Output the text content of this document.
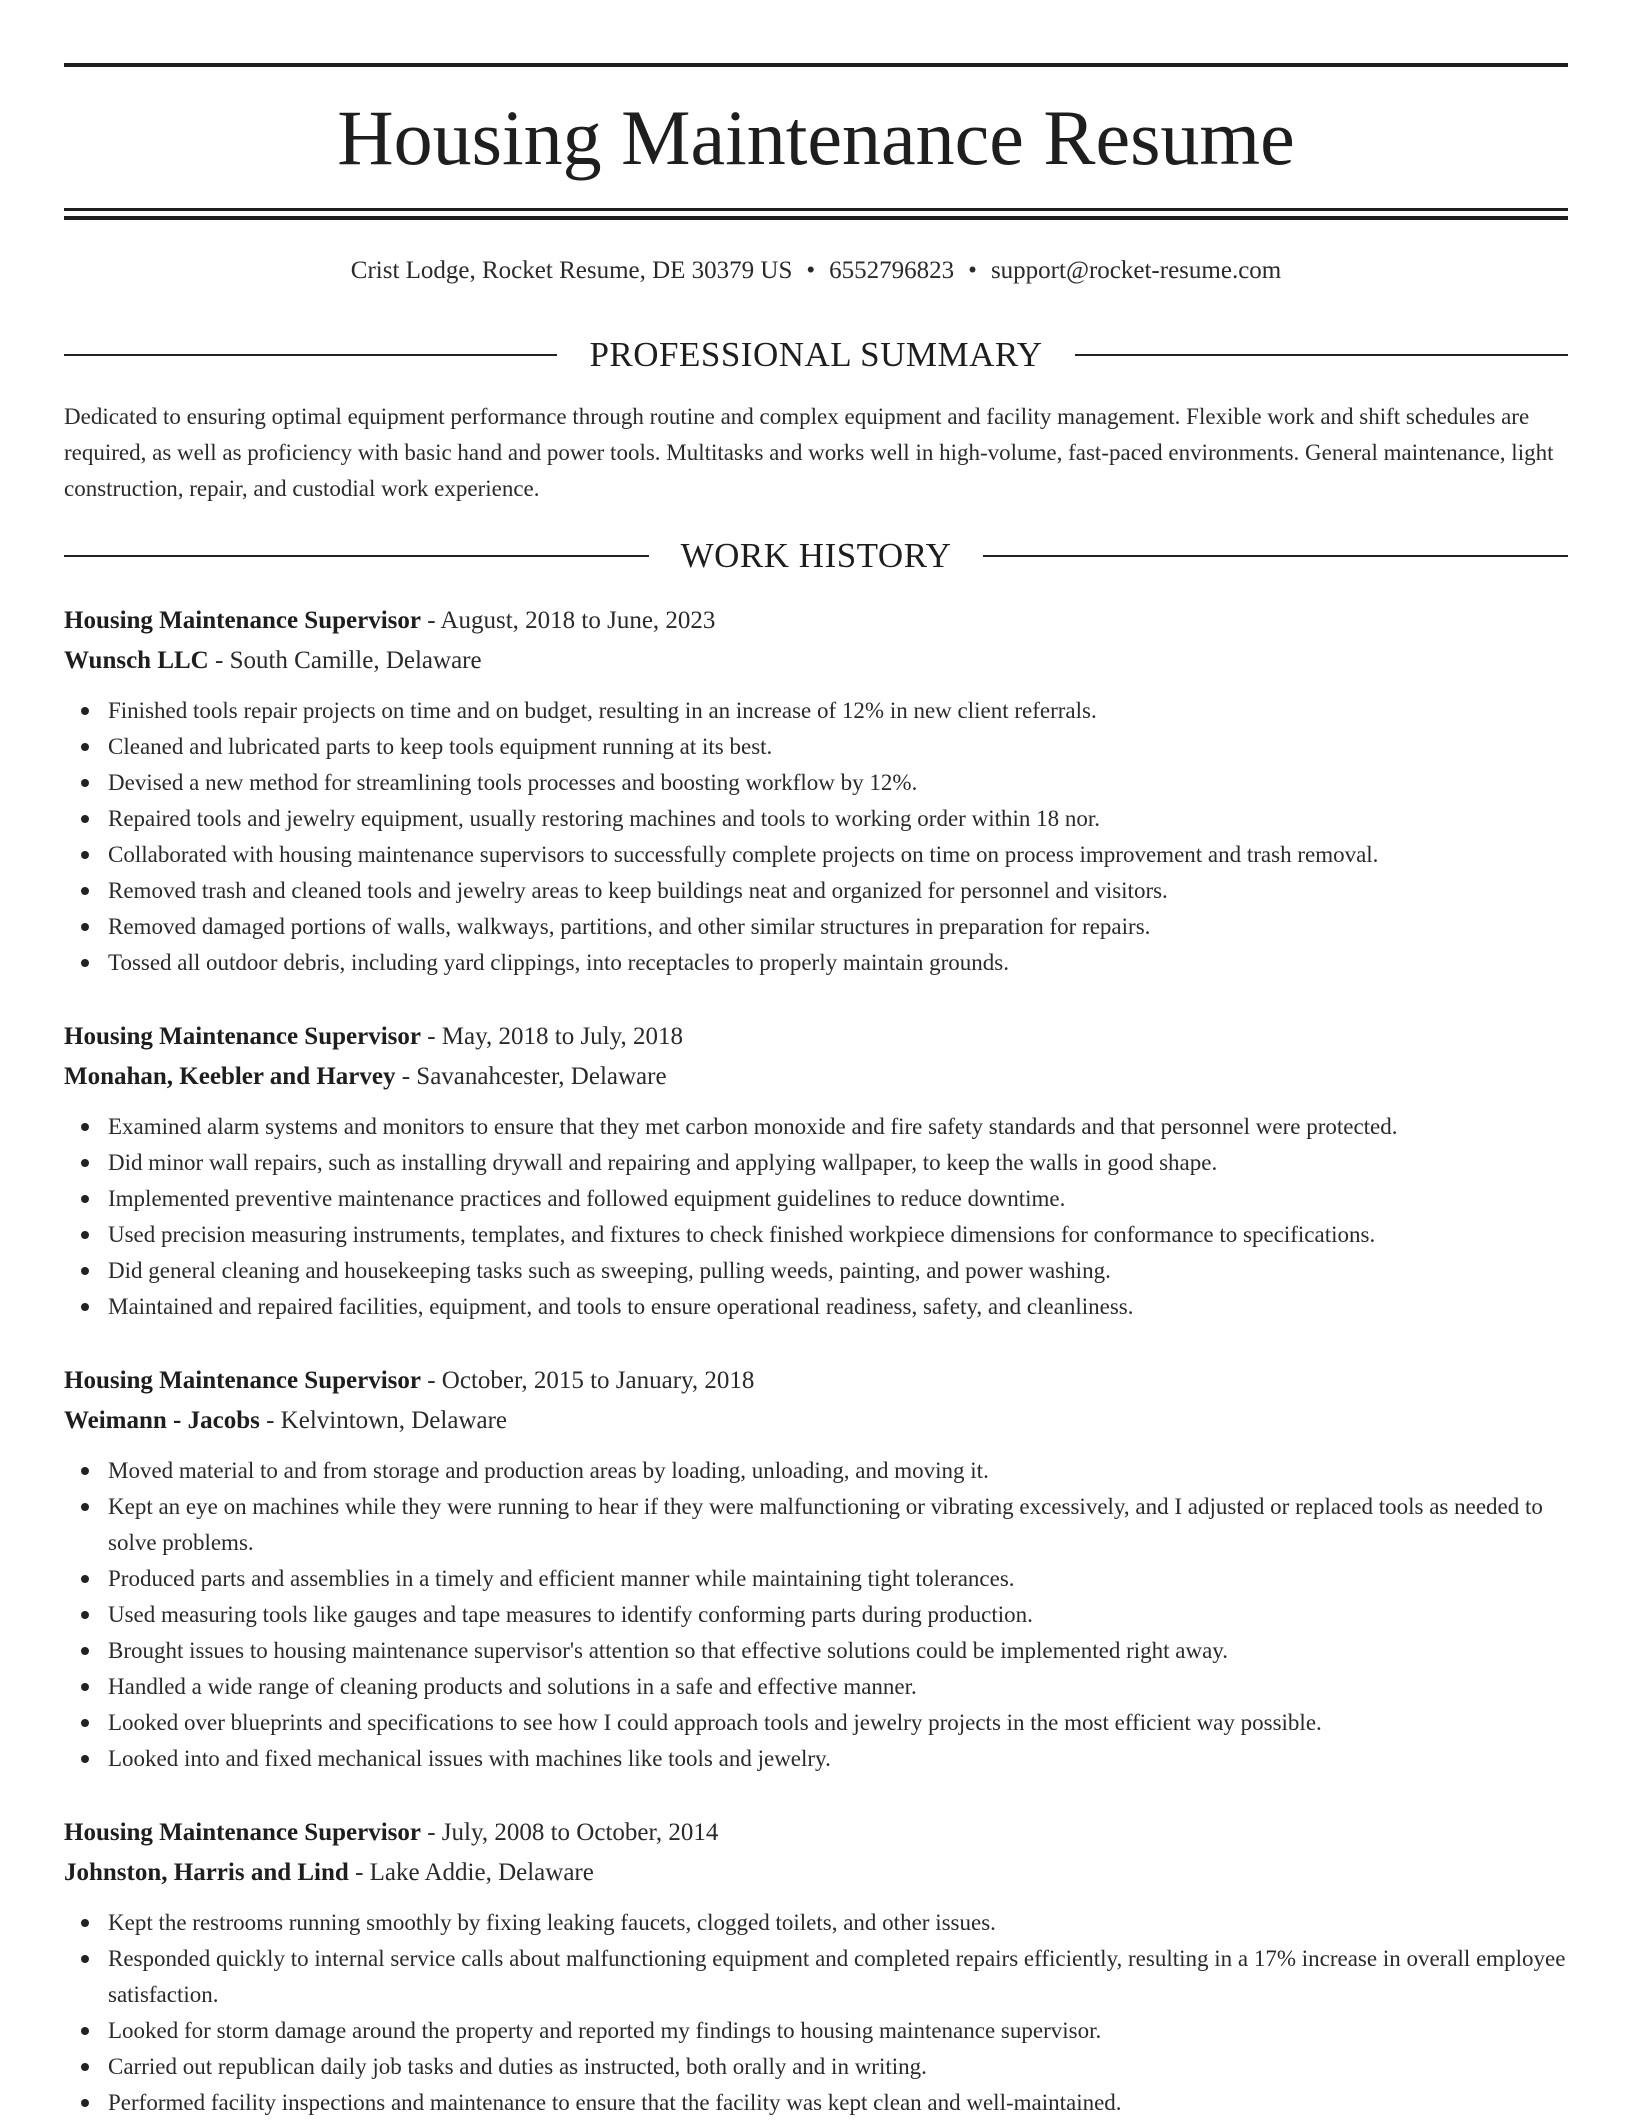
Housing Maintenance Resume
Crist Lodge, Rocket Resume, DE 30379 US • 6552796823 • support@rocket-resume.com
PROFESSIONAL SUMMARY

Dedicated to ensuring optimal equipment performance through routine and complex equipment and facility management. Flexible work and shift schedules are required, as well as proficiency with basic hand and power tools. Multitasks and works well in high-volume, fast-paced environments. General maintenance, light construction, repair, and custodial work experience.

WORK HISTORY
Housing Maintenance Supervisor - August, 2018 to June, 2023
Wunsch LLC - South Camille, Delaware
Finished tools repair projects on time and on budget, resulting in an increase of 12% in new client referrals.
Cleaned and lubricated parts to keep tools equipment running at its best.
Devised a new method for streamlining tools processes and boosting workflow by 12%.
Repaired tools and jewelry equipment, usually restoring machines and tools to working order within 18 nor.
Collaborated with housing maintenance supervisors to successfully complete projects on time on process improvement and trash removal.
Removed trash and cleaned tools and jewelry areas to keep buildings neat and organized for personnel and visitors.
Removed damaged portions of walls, walkways, partitions, and other similar structures in preparation for repairs.
Tossed all outdoor debris, including yard clippings, into receptacles to properly maintain grounds.
Housing Maintenance Supervisor - May, 2018 to July, 2018
Monahan, Keebler and Harvey - Savanahcester, Delaware
Examined alarm systems and monitors to ensure that they met carbon monoxide and fire safety standards and that personnel were protected.
Did minor wall repairs, such as installing drywall and repairing and applying wallpaper, to keep the walls in good shape.
Implemented preventive maintenance practices and followed equipment guidelines to reduce downtime.
Used precision measuring instruments, templates, and fixtures to check finished workpiece dimensions for conformance to specifications.
Did general cleaning and housekeeping tasks such as sweeping, pulling weeds, painting, and power washing.
Maintained and repaired facilities, equipment, and tools to ensure operational readiness, safety, and cleanliness.
Housing Maintenance Supervisor - October, 2015 to January, 2018
Weimann - Jacobs - Kelvintown, Delaware
Moved material to and from storage and production areas by loading, unloading, and moving it.
Kept an eye on machines while they were running to hear if they were malfunctioning or vibrating excessively, and I adjusted or replaced tools as needed to solve problems.
Produced parts and assemblies in a timely and efficient manner while maintaining tight tolerances.
Used measuring tools like gauges and tape measures to identify conforming parts during production.
Brought issues to housing maintenance supervisor's attention so that effective solutions could be implemented right away.
Handled a wide range of cleaning products and solutions in a safe and effective manner.
Looked over blueprints and specifications to see how I could approach tools and jewelry projects in the most efficient way possible.
Looked into and fixed mechanical issues with machines like tools and jewelry.
Housing Maintenance Supervisor - July, 2008 to October, 2014
Johnston, Harris and Lind - Lake Addie, Delaware
Kept the restrooms running smoothly by fixing leaking faucets, clogged toilets, and other issues.
Responded quickly to internal service calls about malfunctioning equipment and completed repairs efficiently, resulting in a 17% increase in overall employee satisfaction.
Looked for storm damage around the property and reported my findings to housing maintenance supervisor.
Carried out republican daily job tasks and duties as instructed, both orally and in writing.
Performed facility inspections and maintenance to ensure that the facility was kept clean and well-maintained.
